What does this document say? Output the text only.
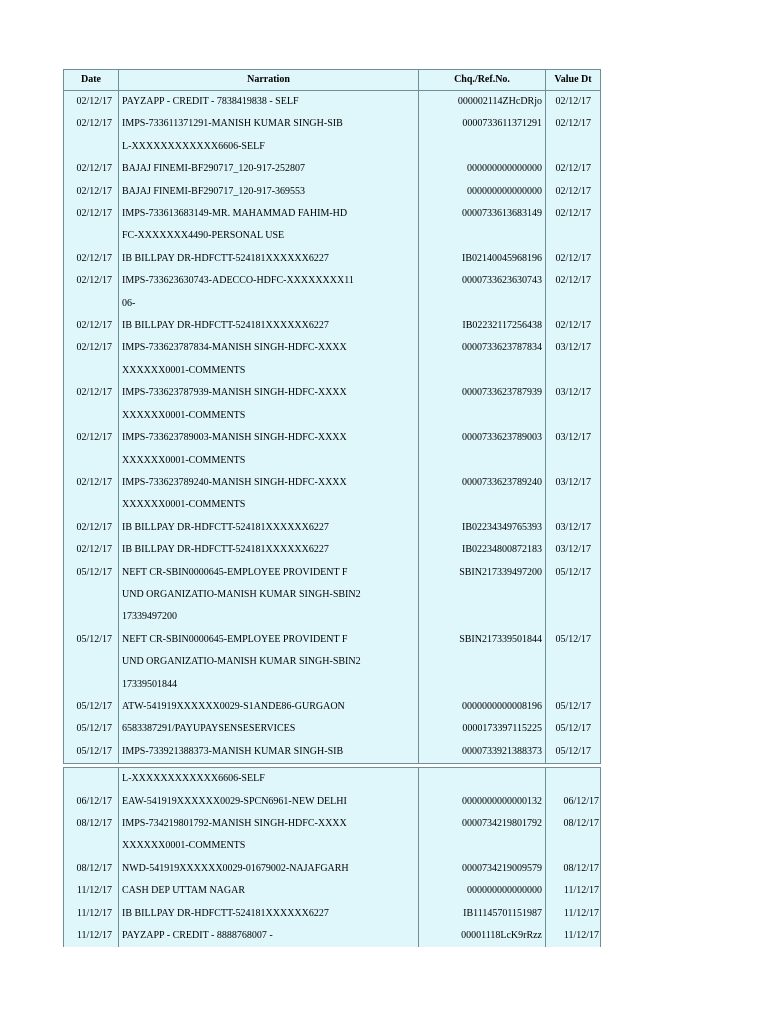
Date	Narration	Chq./Ref.No.	Value Dt
02/12/17	PAYZAPP - CREDIT - 7838419838 - SELF	000002114ZHcDRjo	02/12/17
02/12/17	IMPS-733611371291-MANISH KUMAR SINGH-SIB	0000733611371291	02/12/17
	L-XXXXXXXXXXXX6606-SELF		
02/12/17	BAJAJ FINEMI-BF290717_120-917-252807	000000000000000	02/12/17
02/12/17	BAJAJ FINEMI-BF290717_120-917-369553	000000000000000	02/12/17
02/12/17	IMPS-733613683149-MR. MAHAMMAD FAHIM-HD	0000733613683149	02/12/17
	FC-XXXXXXX4490-PERSONAL USE		
02/12/17	IB BILLPAY DR-HDFCTT-524181XXXXXX6227	IB02140045968196	02/12/17
02/12/17	IMPS-733623630743-ADECCO-HDFC-XXXXXXXX11	0000733623630743	02/12/17
	06-		
02/12/17	IB BILLPAY DR-HDFCTT-524181XXXXXX6227	IB02232117256438	02/12/17
02/12/17	IMPS-733623787834-MANISH SINGH-HDFC-XXXX	0000733623787834	03/12/17
	XXXXXX0001-COMMENTS		
02/12/17	IMPS-733623787939-MANISH SINGH-HDFC-XXXX	0000733623787939	03/12/17
	XXXXXX0001-COMMENTS		
02/12/17	IMPS-733623789003-MANISH SINGH-HDFC-XXXX	0000733623789003	03/12/17
	XXXXXX0001-COMMENTS		
02/12/17	IMPS-733623789240-MANISH SINGH-HDFC-XXXX	0000733623789240	03/12/17
	XXXXXX0001-COMMENTS		
02/12/17	IB BILLPAY DR-HDFCTT-524181XXXXXX6227	IB02234349765393	03/12/17
02/12/17	IB BILLPAY DR-HDFCTT-524181XXXXXX6227	IB02234800872183	03/12/17
05/12/17	NEFT CR-SBIN0000645-EMPLOYEE PROVIDENT F	SBIN217339497200	05/12/17
	UND ORGANIZATIO-MANISH KUMAR SINGH-SBIN2		
	17339497200		
05/12/17	NEFT CR-SBIN0000645-EMPLOYEE PROVIDENT F	SBIN217339501844	05/12/17
	UND ORGANIZATIO-MANISH KUMAR SINGH-SBIN2		
	17339501844		
05/12/17	ATW-541919XXXXXX0029-S1ANDE86-GURGAON	0000000000008196	05/12/17
05/12/17	6583387291/PAYUPAYSENSESERVICES	0000173397115225	05/12/17
05/12/17	IMPS-733921388373-MANISH KUMAR SINGH-SIB	0000733921388373	05/12/17
	L-XXXXXXXXXXXX6606-SELF		
06/12/17	EAW-541919XXXXXX0029-SPCN6961-NEW DELHI	0000000000000132	06/12/17
08/12/17	IMPS-734219801792-MANISH SINGH-HDFC-XXXX	0000734219801792	08/12/17
	XXXXXX0001-COMMENTS		
08/12/17	NWD-541919XXXXXX0029-01679002-NAJAFGARH	0000734219009579	08/12/17
11/12/17	CASH DEP UTTAM NAGAR	000000000000000	11/12/17
11/12/17	IB BILLPAY DR-HDFCTT-524181XXXXXX6227	IB11145701151987	11/12/17
11/12/17	PAYZAPP - CREDIT - 8888768007 -	00001118LcK9rRzz	11/12/17
